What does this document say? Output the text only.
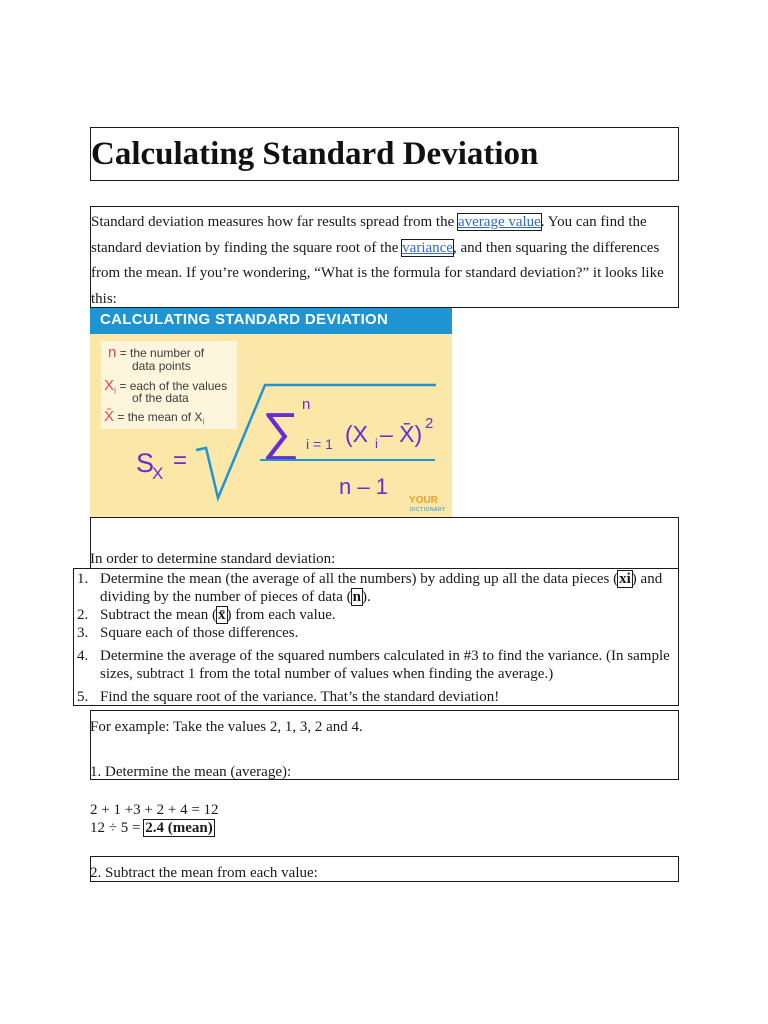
Calculating Standard Deviation

Standard deviation measures how far results spread from the average value. You can find the standard deviation by finding the square root of the variance, and then squaring the differences from the mean. If you’re wondering, “What is the formula for standard deviation?” it looks like this:

CALCULATING STANDARD DEVIATION
n = the number of
data points
$X_i$ = each of the values
of the data
X̄ = the mean of $X_i$
S
X = ∑ n
i = 1 (X i – X̄) 2
n – 1
YOUR
DICTIONARY
In order to determine standard deviation:
1. Determine the mean (the average of all the numbers) by adding up all the data pieces (xi) and dividing by the number of pieces of data (n).
2. Subtract the mean (x̄) from each value.
3. Square each of those differences.
4. Determine the average of the squared numbers calculated in #3 to find the variance. (In sample sizes, subtract 1 from the total number of values when finding the average.)
5. Find the square root of the variance. That’s the standard deviation!
For example: Take the values 2, 1, 3, 2 and 4.
1. Determine the mean (average):
2 + 1 +3 + 2 + 4 = 12
12 ÷ 5 = 2.4 (mean)
2. Subtract the mean from each value:
